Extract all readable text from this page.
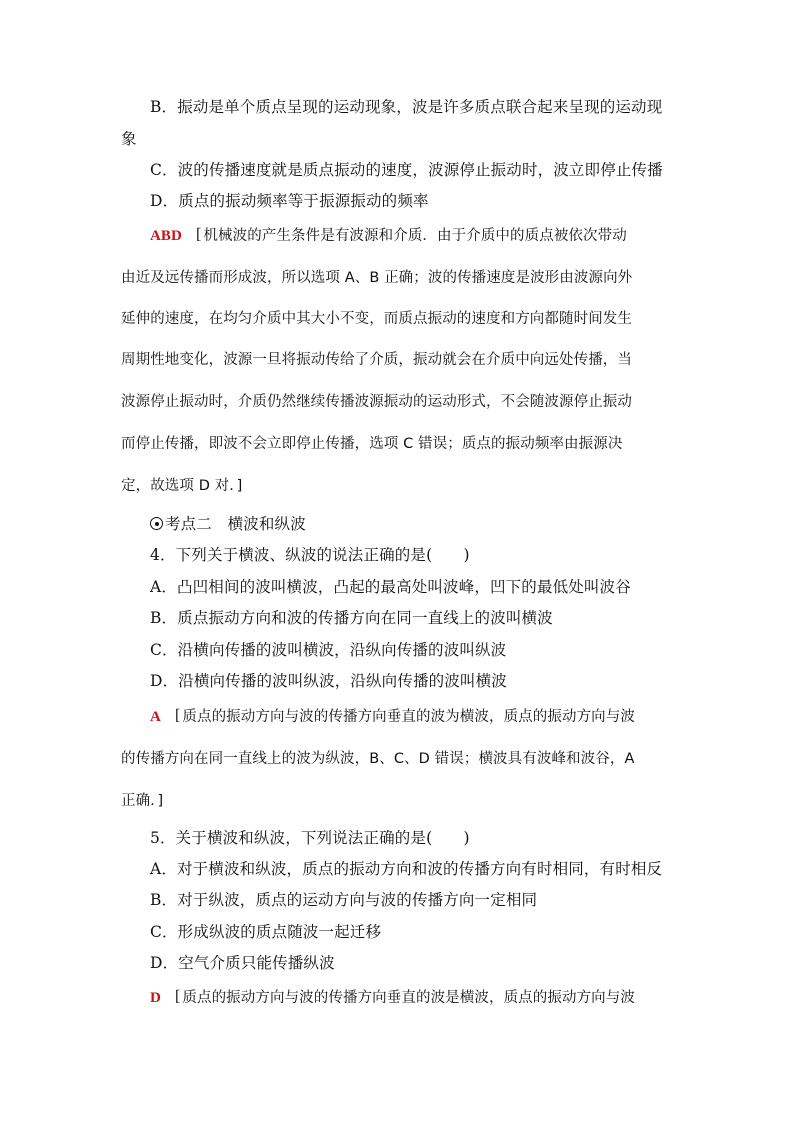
B．振动是单个质点呈现的运动现象，波是许多质点联合起来呈现的运动现
象
C．波的传播速度就是质点振动的速度，波源停止振动时，波立即停止传播
D．质点的振动频率等于振源振动的频率
ABD [ 机械波的产生条件是有波源和介质．由于介质中的质点被依次带动
由近及远传播而形成波，所以选项 A、B 正确；波的传播速度是波形由波源向外
延伸的速度，在均匀介质中其大小不变，而质点振动的速度和方向都随时间发生
周期性地变化，波源一旦将振动传给了介质，振动就会在介质中向远处传播，当
波源停止振动时，介质仍然继续传播波源振动的运动形式，不会随波源停止振动
而停止传播，即波不会立即停止传播，选项 C 错误；质点的振动频率由振源决
定，故选项 D 对．]
考点二　横波和纵波
4．下列关于横波、纵波的说法正确的是(　　)
A．凸凹相间的波叫横波，凸起的最高处叫波峰，凹下的最低处叫波谷
B．质点振动方向和波的传播方向在同一直线上的波叫横波
C．沿横向传播的波叫横波，沿纵向传播的波叫纵波
D．沿横向传播的波叫纵波，沿纵向传播的波叫横波
A [ 质点的振动方向与波的传播方向垂直的波为横波，质点的振动方向与波
的传播方向在同一直线上的波为纵波，B、C、D 错误；横波具有波峰和波谷，A
正确．]
5．关于横波和纵波，下列说法正确的是(　　)
A．对于横波和纵波，质点的振动方向和波的传播方向有时相同，有时相反
B．对于纵波，质点的运动方向与波的传播方向一定相同
C．形成纵波的质点随波一起迁移
D．空气介质只能传播纵波
D [ 质点的振动方向与波的传播方向垂直的波是横波，质点的振动方向与波
